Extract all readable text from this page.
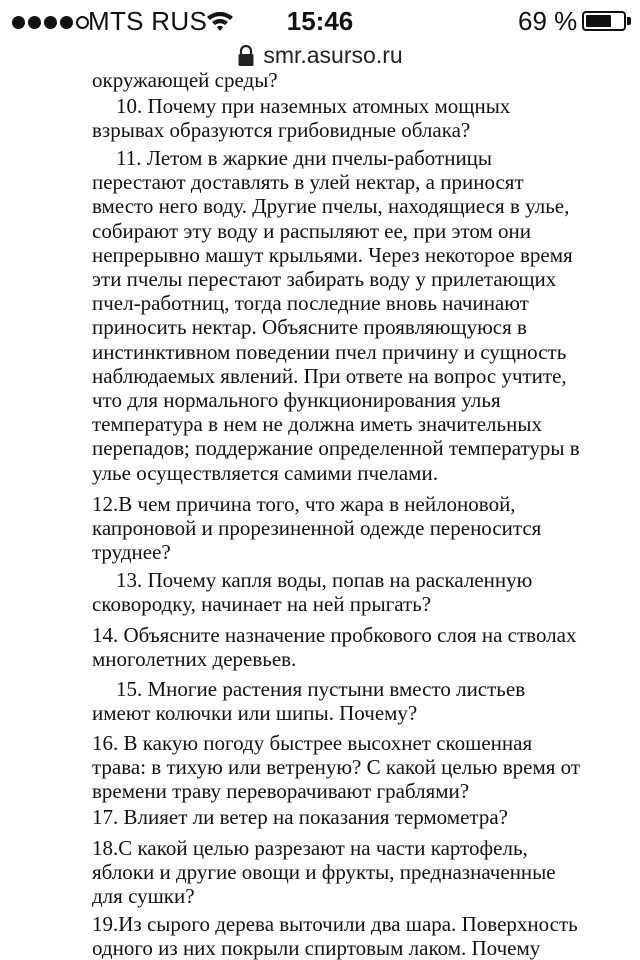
MTS RUS	15:46	69 %
smr.asurso.ru
окружающей среды?
10. Почему при наземных атомных мощных
взрывах образуются грибовидные облака?
11. Летом в жаркие дни пчелы-работницы
перестают доставлять в улей нектар, а приносят
вместо него воду. Другие пчелы, находящиеся в улье,
собирают эту воду и распыляют ее, при этом они
непрерывно машут крыльями. Через некоторое время
эти пчелы перестают забирать воду у прилетающих
пчел-работниц, тогда последние вновь начинают
приносить нектар. Объясните проявляющуюся в
инстинктивном поведении пчел причину и сущность
наблюдаемых явлений. При ответе на вопрос учтите,
что для нормального функционирования улья
температура в нем не должна иметь значительных
перепадов; поддержание определенной температуры в
улье осуществляется самими пчелами.
12.В чем причина того, что жара в нейлоновой,
капроновой и прорезиненной одежде переносится
труднее?
13. Почему капля воды, попав на раскаленную
сковородку, начинает на ней прыгать?
14. Объясните назначение пробкового слоя на стволах
многолетних деревьев.
15. Многие растения пустыни вместо листьев
имеют колючки или шипы. Почему?
16. В какую погоду быстрее высохнет скошенная
трава: в тихую или ветреную? С какой целью время от
времени траву переворачивают граблями?
17. Влияет ли ветер на показания термометра?
18.С какой целью разрезают на части картофель,
яблоки и другие овощи и фрукты, предназначенные
для сушки?
19.Из сырого дерева выточили два шара. Поверхность
одного из них покрыли спиртовым лаком. Почему
